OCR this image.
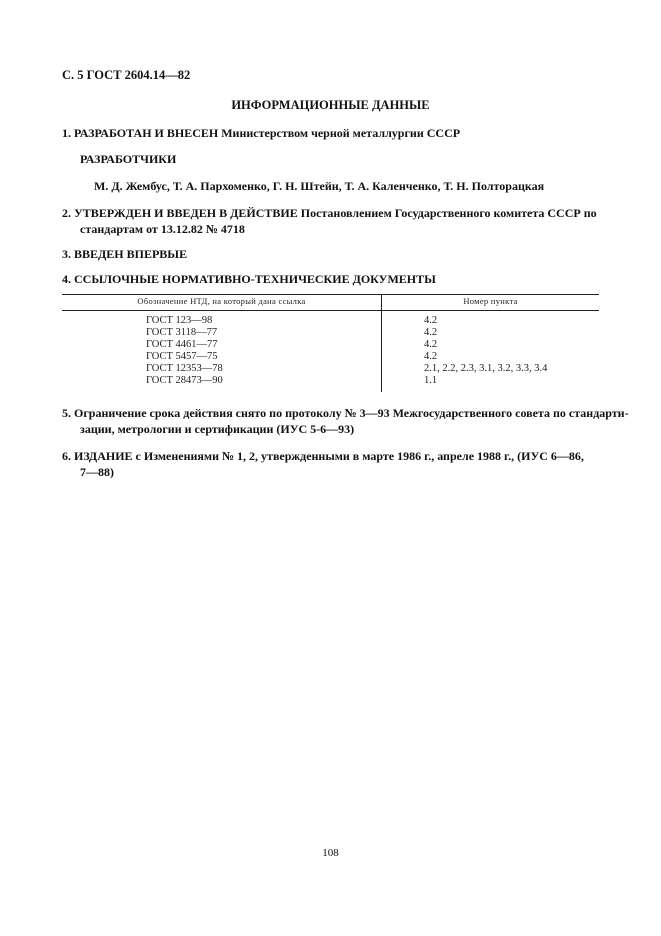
С. 5 ГОСТ 2604.14—82
ИНФОРМАЦИОННЫЕ ДАННЫЕ
1. РАЗРАБОТАН И ВНЕСЕН Министерством черной металлургии СССР
РАЗРАБОТЧИКИ
М. Д. Жембус, Т. А. Пархоменко, Г. Н. Штейн, Т. А. Каленченко, Т. Н. Полторацкая
2. УТВЕРЖДЕН И ВВЕДЕН В ДЕЙСТВИЕ Постановлением Государственного комитета СССР по
стандартам от 13.12.82 № 4718
3. ВВЕДЕН ВПЕРВЫЕ
4. ССЫЛОЧНЫЕ НОРМАТИВНО-ТЕХНИЧЕСКИЕ ДОКУМЕНТЫ
Обозначение НТД, на который дана ссылка	Номер пункта
ГОСТ 123—98	4.2
ГОСТ 3118—77	4.2
ГОСТ 4461—77	4.2
ГОСТ 5457—75	4.2
ГОСТ 12353—78	2.1, 2.2, 2.3, 3.1, 3.2, 3.3, 3.4
ГОСТ 28473—90	1.1
5. Ограничение срока действия снято по протоколу № 3—93 Межгосударственного совета по стандарти-
зации, метрологии и сертификации (ИУС 5-6—93)
6. ИЗДАНИЕ с Изменениями № 1, 2, утвержденными в марте 1986 г., апреле 1988 г., (ИУС 6—86,
7—88)
108
